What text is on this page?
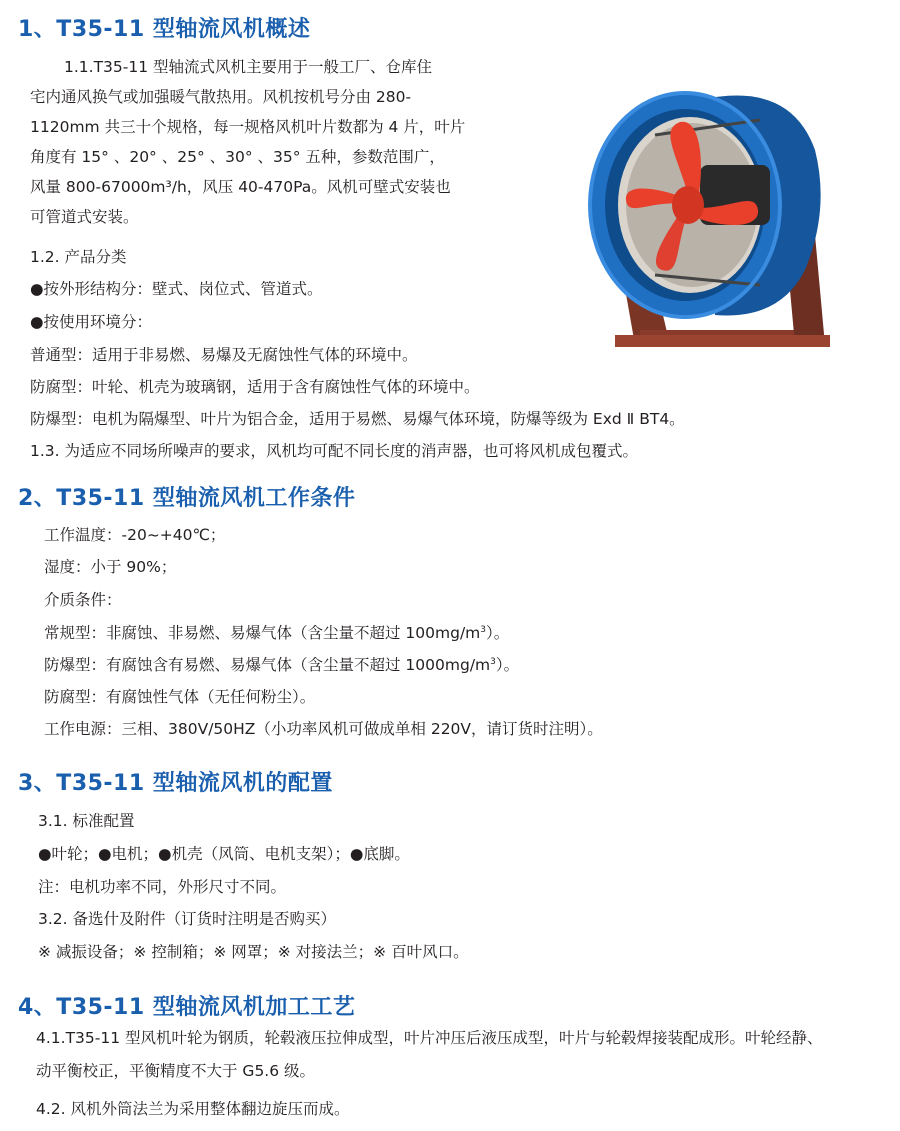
1、T35-11 型轴流风机概述
1.1.T35-11 型轴流式风机主要用于一般工厂、仓库住
宅内通风换气或加强暖气散热用。风机按机号分由 280-
1120mm 共三十个规格，每一规格风机叶片数都为 4 片，叶片
角度有 15° 、20° 、25° 、30° 、35° 五种，参数范围广，
风量 800-67000m³/h，风压 40-470Pa。风机可壁式安装也
可管道式安装。

1.2. 产品分类

●按外形结构分：壁式、岗位式、管道式。

●按使用环境分：

普通型：适用于非易燃、易爆及无腐蚀性气体的环境中。

防腐型：叶轮、机壳为玻璃钢，适用于含有腐蚀性气体的环境中。

防爆型：电机为隔爆型、叶片为铝合金，适用于易燃、易爆气体环境，防爆等级为 Exd Ⅱ BT4。

1.3. 为适应不同场所噪声的要求，风机均可配不同长度的消声器，也可将风机成包覆式。

2、T35-11 型轴流风机工作条件

工作温度：-20~+40℃；

湿度：小于 90%；

介质条件：

常规型：非腐蚀、非易燃、易爆气体（含尘量不超过 $100mg/m^3$）。

防爆型：有腐蚀含有易燃、易爆气体（含尘量不超过 $1000mg/m^3$）。

防腐型：有腐蚀性气体（无任何粉尘）。

工作电源：三相、380V/50HZ（小功率风机可做成单相 220V，请订货时注明）。

3、T35-11 型轴流风机的配置

3.1. 标准配置

●叶轮；●电机；●机壳（风筒、电机支架）；●底脚。

注：电机功率不同，外形尺寸不同。

3.2. 备选什及附件（订货时注明是否购买）

※ 减振设备；※ 控制箱；※ 网罩；※ 对接法兰；※ 百叶风口。

4、T35-11 型轴流风机加工工艺

4.1.T35-11 型风机叶轮为钢质，轮毂液压拉伸成型，叶片冲压后液压成型，叶片与轮毂焊接装配成形。叶轮经静、

动平衡校正，平衡精度不大于 G5.6 级。

4.2. 风机外筒法兰为采用整体翻边旋压而成。
